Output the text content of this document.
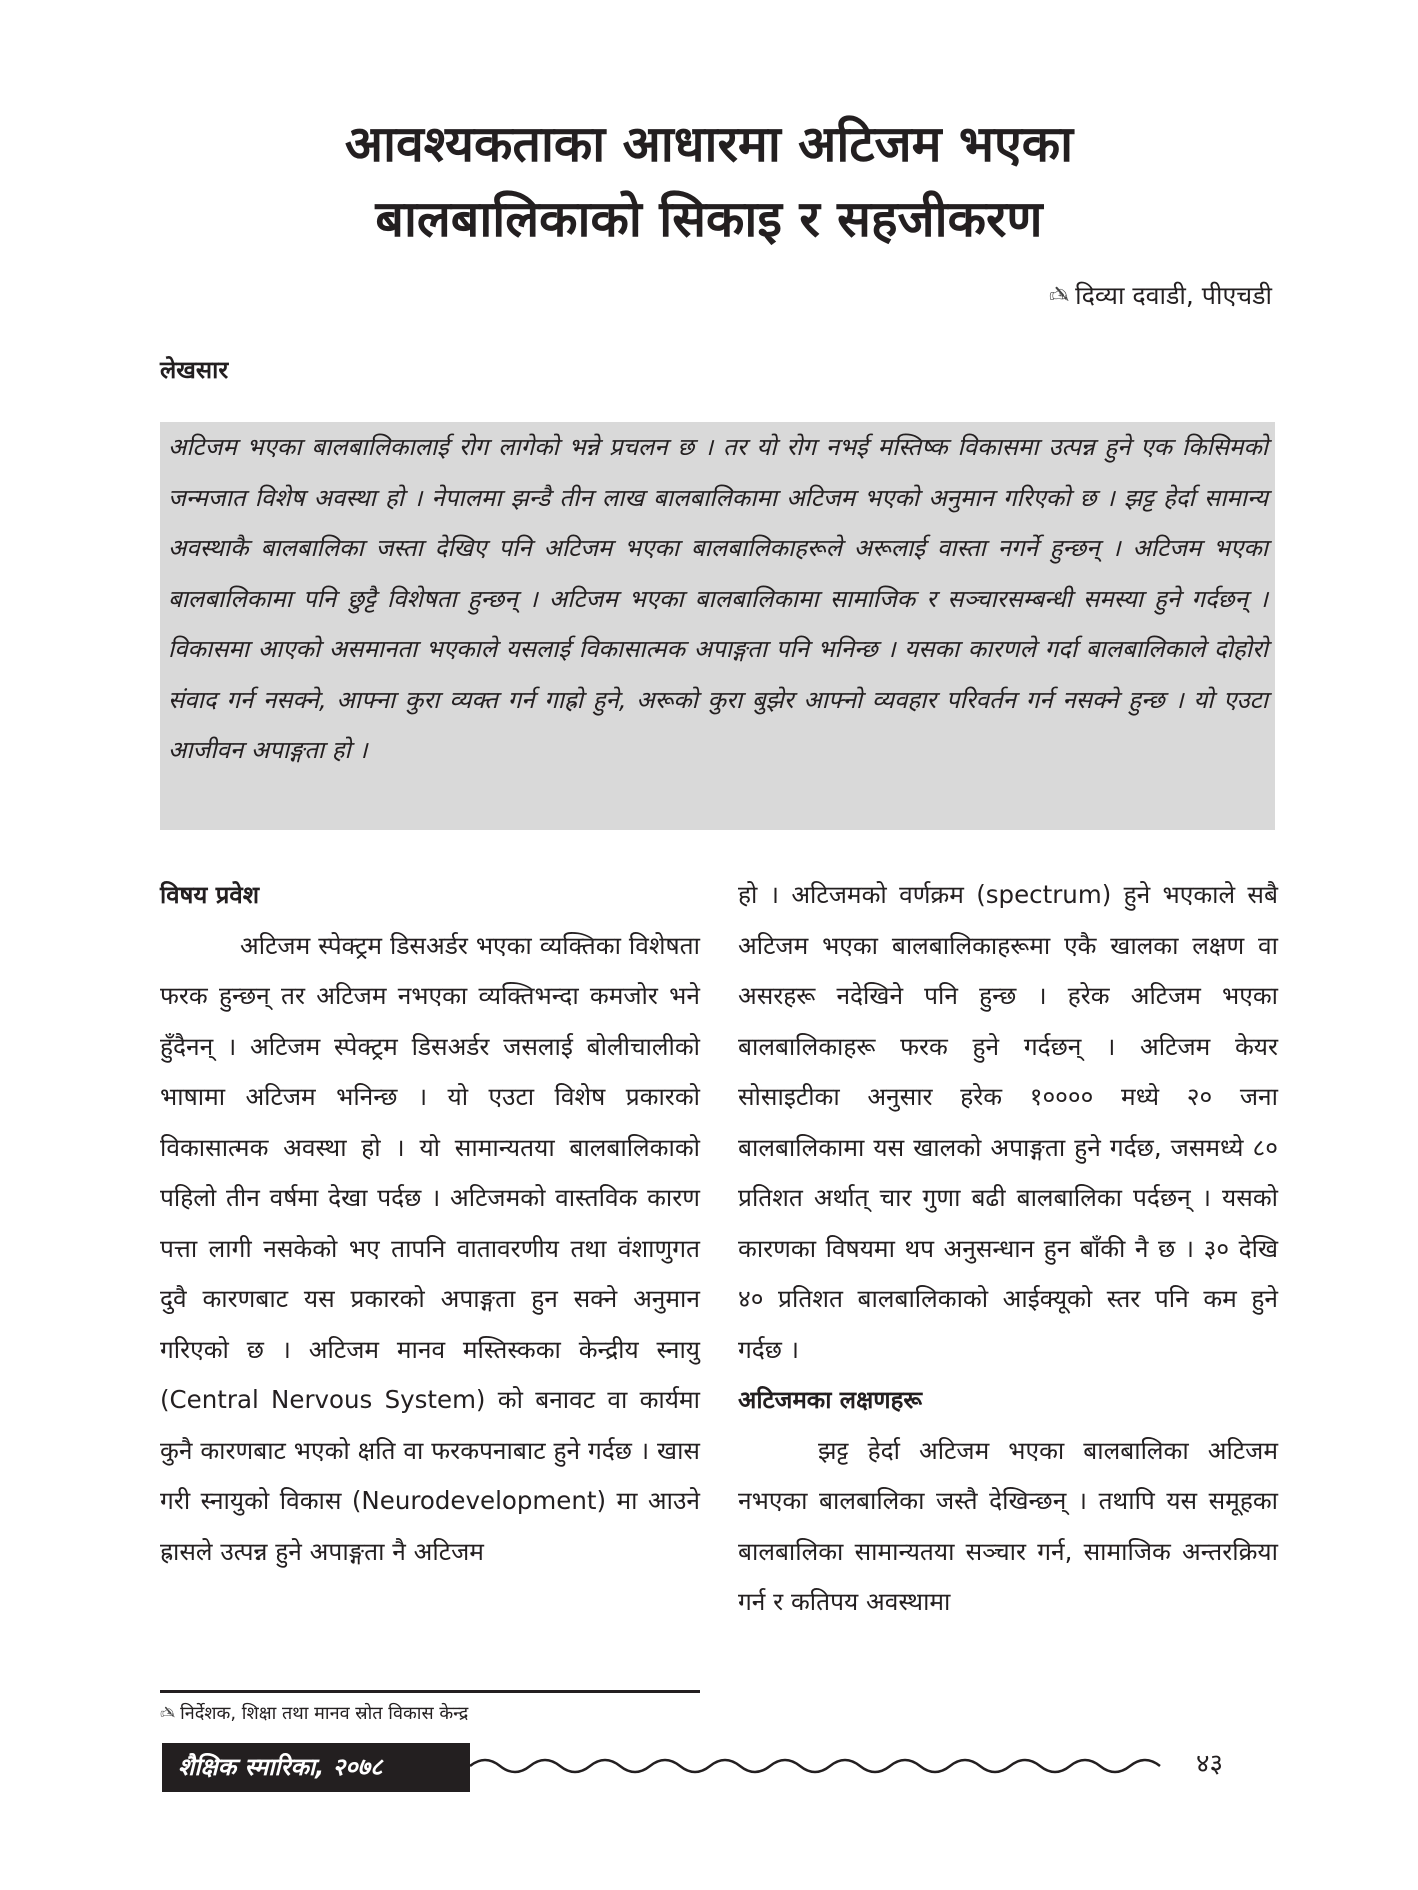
आवश्यकताका आधारमा अटिजम भएका
बालबालिकाको सिकाइ र सहजीकरण
✍ दिव्या दवाडी, पीएचडी
लेखसार
अटिजम भएका बालबालिकालाई रोग लागेको भन्ने प्रचलन छ । तर यो रोग नभई मस्तिष्क विकासमा उत्पन्न हुने एक किसिमको जन्मजात विशेष अवस्था हो । नेपालमा झन्डै तीन लाख बालबालिकामा अटिजम भएको अनुमान गरिएको छ । झट्ट हेर्दा सामान्य अवस्थाकै बालबालिका जस्ता देखिए पनि अटिजम भएका बालबालिकाहरूले अरूलाई वास्ता नगर्ने हुन्छन् । अटिजम भएका बालबालिकामा पनि छुट्टै विशेषता हुन्छन् । अटिजम भएका बालबालिकामा सामाजिक र सञ्चारसम्बन्धी समस्या हुने गर्दछन् । विकासमा आएको असमानता भएकाले यसलाई विकासात्मक अपाङ्गता पनि भनिन्छ । यसका कारणले गर्दा बालबालिकाले दोहोरो संवाद गर्न नसक्ने, आफ्ना कुरा व्यक्त गर्न गाह्रो हुने, अरूको कुरा बुझेर आफ्नो व्यवहार परिवर्तन गर्न नसक्ने हुन्छ । यो एउटा आजीवन अपाङ्गता हो ।

विषय प्रवेश

अटिजम स्पेक्ट्रम डिसअर्डर भएका व्यक्तिका विशेषता फरक हुन्छन् तर अटिजम नभएका व्यक्तिभन्दा कमजोर भने हुँदैनन् । अटिजम स्पेक्ट्रम डिसअर्डर जसलाई बोलीचालीको भाषामा अटिजम भनिन्छ । यो एउटा विशेष प्रकारको विकासात्मक अवस्था हो । यो सामान्यतया बालबालिकाको पहिलो तीन वर्षमा देखा पर्दछ । अटिजमको वास्तविक कारण पत्ता लागी नसकेको भए तापनि वातावरणीय तथा वंशाणुगत दुवै कारणबाट यस प्रकारको अपाङ्गता हुन सक्ने अनुमान गरिएको छ । अटिजम मानव मस्तिस्कका केन्द्रीय स्नायु (Central Nervous System) को बनावट वा कार्यमा कुनै कारणबाट भएको क्षति वा फरकपनाबाट हुने गर्दछ । खास गरी स्नायुको विकास (Neurodevelopment) मा आउने ह्रासले उत्पन्न हुने अपाङ्गता नै अटिजम

हो । अटिजमको वर्णक्रम (spectrum) हुने भएकाले सबै अटिजम भएका बालबालिकाहरूमा एकै खालका लक्षण वा असरहरू नदेखिने पनि हुन्छ । हरेक अटिजम भएका बालबालिकाहरू फरक हुने गर्दछन् । अटिजम केयर सोसाइटीका अनुसार हरेक १०००० मध्ये २० जना बालबालिकामा यस खालको अपाङ्गता हुने गर्दछ, जसमध्ये ८० प्रतिशत अर्थात् चार गुणा बढी बालबालिका पर्दछन् । यसको कारणका विषयमा थप अनुसन्धान हुन बाँकी नै छ । ३० देखि ४० प्रतिशत बालबालिकाको आईक्यूको स्तर पनि कम हुने गर्दछ ।

अटिजमका लक्षणहरू

झट्ट हेर्दा अटिजम भएका बालबालिका अटिजम नभएका बालबालिका जस्तै देखिन्छन् । तथापि यस समूहका बालबालिका सामान्यतया सञ्चार गर्न, सामाजिक अन्तरक्रिया गर्न र कतिपय अवस्थामा

✍ निर्देशक, शिक्षा तथा मानव स्रोत विकास केन्द्र
शैक्षिक स्मारिका, २०७८	४३
